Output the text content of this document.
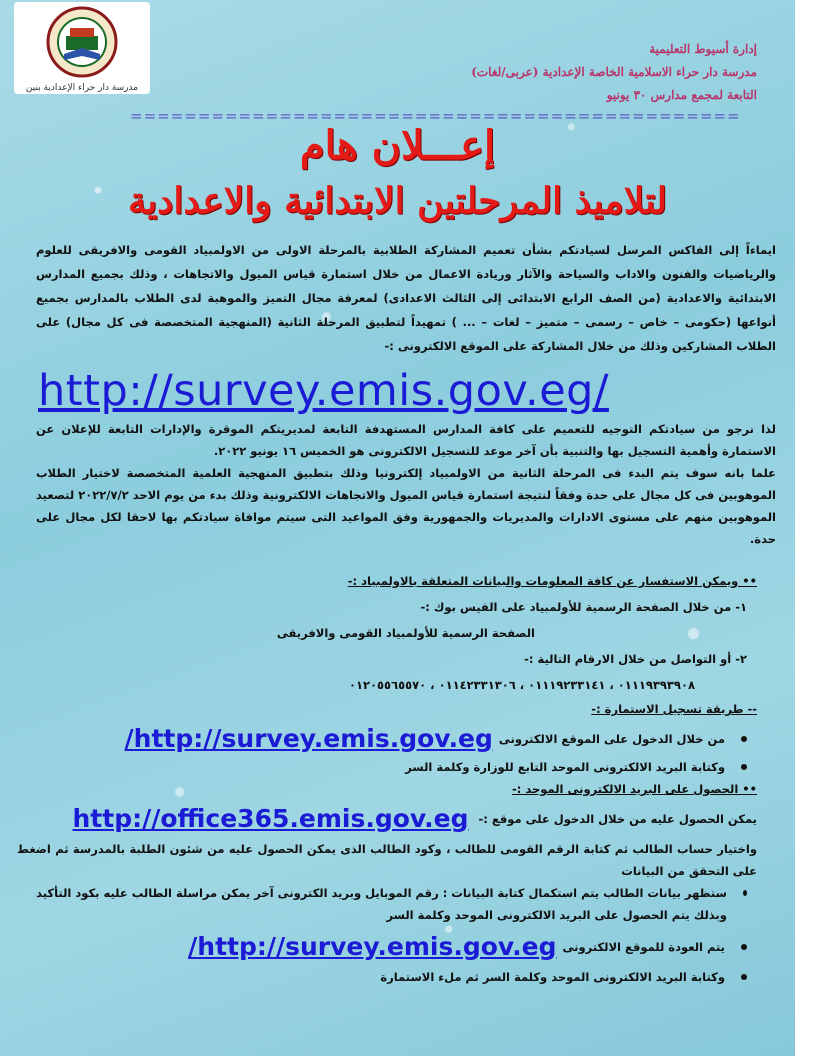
مدرسة دار حراء الإعدادية بنين
إدارة أسيوط التعليمية
مدرسة دار حراء الاسلامية الخاصة الإعدادية (عربى/لغات)
التابعة لمجمع مدارس ٣٠ يونيو
=============================================
إعـــلان هام
لتلاميذ المرحلتين الابتدائية والاعدادية
ايماءاً إلى الفاكس المرسل لسيادتكم بشأن تعميم المشاركة الطلابية بالمرحلة الاولى من الاولمبياد القومى والافريقى للعلوم والرياضيات والفنون والاداب والسياحة والآثار وريادة الاعمال من خلال استمارة قياس الميول والاتجاهات ، وذلك بجميع المدارس الابتدائية والاعدادية (من الصف الرابع الابتدائى إلى الثالث الاعدادى) لمعرفة مجال التميز والموهبة لدى الطلاب بالمدارس بجميع أنواعها (حكومى – خاص – رسمى – متميز – لغات – ... ) تمهيداً لتطبيق المرحلة الثانية (المنهجية المتخصصة فى كل مجال) على الطلاب المشاركين وذلك من خلال المشاركة على الموقع الالكترونى :-
http://survey.emis.gov.eg/
لذا نرجو من سيادتكم التوجيه للتعميم على كافة المدارس المستهدفة التابعة لمديريتكم الموقرة والإدارات التابعة للإعلان عن الاستمارة وأهمية التسجيل بها والتنبية بأن آخر موعد للتسجيل الالكترونى هو الخميس ١٦ يونيو ٢٠٢٢.
علما بانه سوف يتم البدء فى المرحلة الثانية من الاولمبياد إلكترونيا وذلك بتطبيق المنهجية العلمية المتخصصة لاختيار الطلاب الموهوبين فى كل مجال على حدة وفقاً لنتيجة استمارة قياس الميول والاتجاهات الالكترونية وذلك بدء من يوم الاحد ٢٠٢٢/٧/٢ لتصعيد الموهوبين منهم على مستوى الادارات والمديريات والجمهورية وفق المواعيد التى سيتم موافاة سيادتكم بها لاحقا لكل مجال على حدة.
•• ويمكن الاستفسار عن كافة المعلومات والبيانات المتعلقة بالاولمبياد :-
١- من خلال الصفحة الرسمية للأولمبياد على الفيس بوك :-
الصفحة الرسمية للأولمبياد القومى والافريقى
٢- أو التواصل من خلال الارقام التالية :-
٠١١١٩٣٩٣٩٠٨ ، ٠١١١٩٢٣٣١٤١ ، ٠١١٤٢٣٣١٣٠٦ ، ٠١٢٠٥٥٦٥٥٧٠
-- طريقة تسجيل الاستمارة :-
من خلال الدخول على الموقع الالكترونى
http://survey.emis.gov.eg/
وكتابة البريد الالكترونى الموحد التابع للوزارة وكلمة السر
•• الحصول على البريد الالكترونى الموحد :-
يمكن الحصول عليه من خلال الدخول على موقع :-
http://office365.emis.gov.eg
واختيار حساب الطالب ثم كتابة الرقم القومى للطالب ، وكود الطالب الذى يمكن الحصول عليه من شئون الطلبة بالمدرسة ثم اضغط على التحقق من البيانات
ستظهر بيانات الطالب يتم استكمال كتابة البيانات : رقم الموبايل وبريد الكترونى آخر يمكن مراسلة الطالب عليه بكود التأكيد وبذلك يتم الحصول على البريد الالكترونى الموحد وكلمة السر
يتم العودة للموقع الالكترونى
http://survey.emis.gov.eg/
وكتابة البريد الالكترونى الموحد وكلمة السر ثم ملء الاستمارة
